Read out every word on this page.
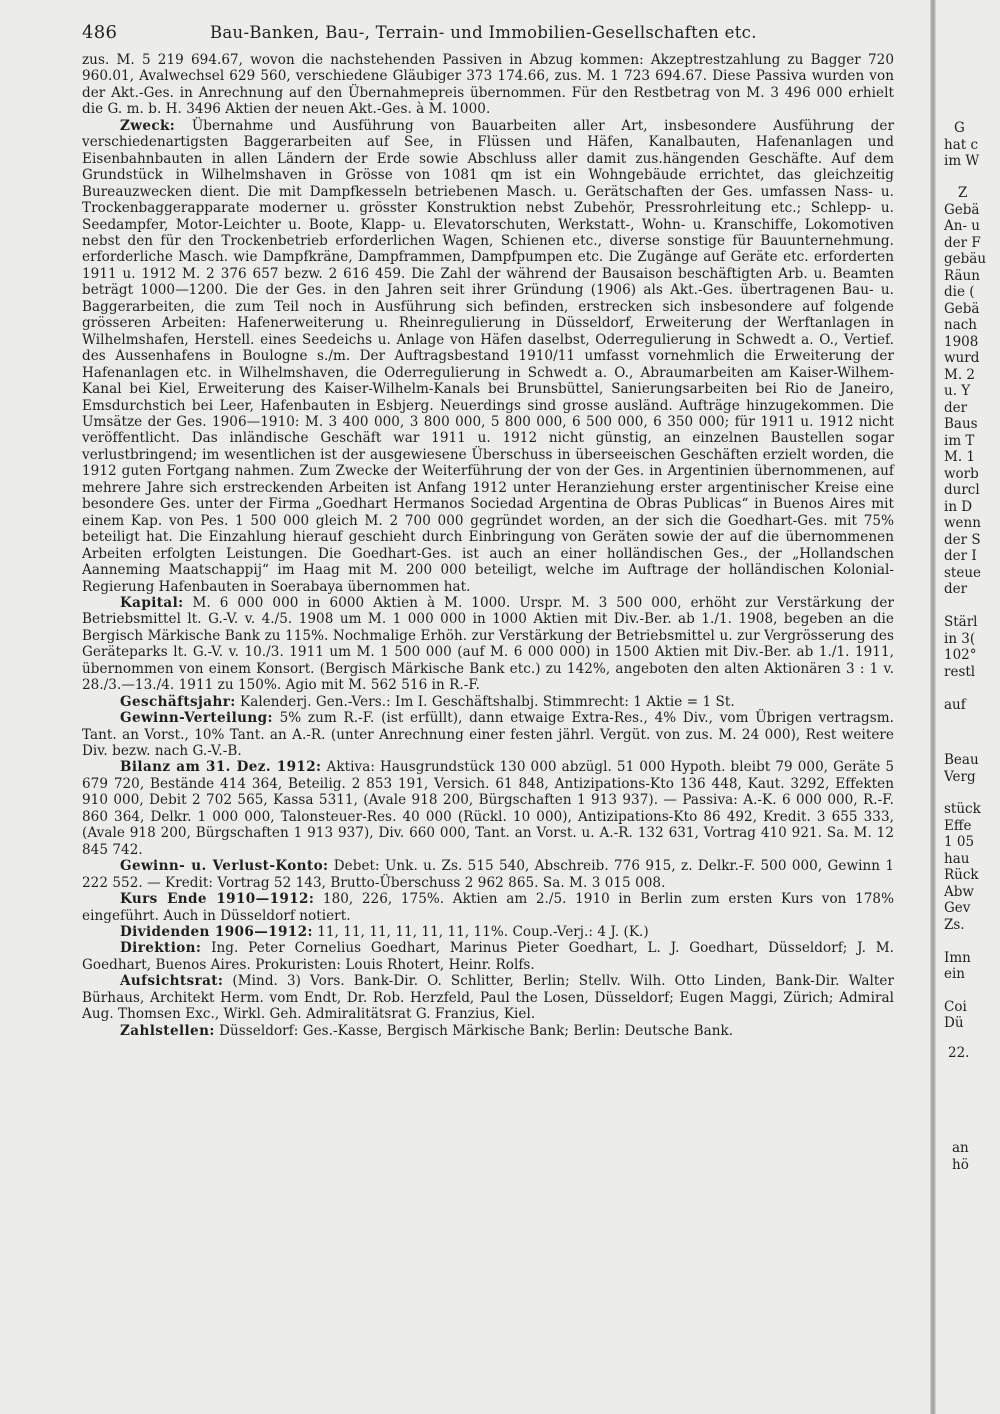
486	Bau-Banken, Bau-, Terrain- und Immobilien-Gesellschaften etc.

zus. M. 5 219 694.67, wovon die nachstehenden Passiven in Abzug kommen: Akzeptrestzahlung zu Bagger 720 960.01, Avalwechsel 629 560, verschiedene Gläubiger 373 174.66, zus. M. 1 723 694.67. Diese Passiva wurden von der Akt.-Ges. in Anrechnung auf den Übernahmepreis übernommen. Für den Restbetrag von M. 3 496 000 erhielt die G. m. b. H. 3496 Aktien der neuen Akt.-Ges. à M. 1000.

Zweck: Übernahme und Ausführung von Bauarbeiten aller Art, insbesondere Ausführung der verschiedenartigsten Baggerarbeiten auf See, in Flüssen und Häfen, Kanalbauten, Hafenanlagen und Eisenbahnbauten in allen Ländern der Erde sowie Abschluss aller damit zus.hängenden Geschäfte. Auf dem Grundstück in Wilhelmshaven in Grösse von 1081 qm ist ein Wohngebäude errichtet, das gleichzeitig Bureauzwecken dient. Die mit Dampfkesseln betriebenen Masch. u. Gerätschaften der Ges. umfassen Nass- u. Trockenbaggerapparate moderner u. grösster Konstruktion nebst Zubehör, Pressrohrleitung etc.; Schlepp- u. Seedampfer, Motor-Leichter u. Boote, Klapp- u. Elevatorschuten, Werkstatt-, Wohn- u. Kranschiffe, Lokomotiven nebst den für den Trockenbetrieb erforderlichen Wagen, Schienen etc., diverse sonstige für Bauunternehmung. erforderliche Masch. wie Dampfkräne, Dampframmen, Dampfpumpen etc. Die Zugänge auf Geräte etc. erforderten 1911 u. 1912 M. 2 376 657 bezw. 2 616 459. Die Zahl der während der Bausaison beschäftigten Arb. u. Beamten beträgt 1000—1200. Die der Ges. in den Jahren seit ihrer Gründung (1906) als Akt.-Ges. übertragenen Bau- u. Baggerarbeiten, die zum Teil noch in Ausführung sich befinden, erstrecken sich insbesondere auf folgende grösseren Arbeiten: Hafenerweiterung u. Rheinregulierung in Düsseldorf, Erweiterung der Werftanlagen in Wilhelmshafen, Herstell. eines Seedeichs u. Anlage von Häfen daselbst, Oderregulierung in Schwedt a. O., Vertief. des Aussenhafens in Boulogne s./m. Der Auftragsbestand 1910/11 umfasst vornehmlich die Erweiterung der Hafenanlagen etc. in Wilhelmshaven, die Oderregulierung in Schwedt a. O., Abraumarbeiten am Kaiser-Wilhem-Kanal bei Kiel, Erweiterung des Kaiser-Wilhelm-Kanals bei Brunsbüttel, Sanierungsarbeiten bei Rio de Janeiro, Emsdurchstich bei Leer, Hafenbauten in Esbjerg. Neuerdings sind grosse ausländ. Aufträge hinzugekommen. Die Umsätze der Ges. 1906—1910: M. 3 400 000, 3 800 000, 5 800 000, 6 500 000, 6 350 000; für 1911 u. 1912 nicht veröffentlicht. Das inländische Geschäft war 1911 u. 1912 nicht günstig, an einzelnen Baustellen sogar verlustbringend; im wesentlichen ist der ausgewiesene Überschuss in überseeischen Geschäften erzielt worden, die 1912 guten Fortgang nahmen. Zum Zwecke der Weiterführung der von der Ges. in Argentinien übernommenen, auf mehrere Jahre sich erstreckenden Arbeiten ist Anfang 1912 unter Heranziehung erster argentinischer Kreise eine besondere Ges. unter der Firma „Goedhart Hermanos Sociedad Argentina de Obras Publicas“ in Buenos Aires mit einem Kap. von Pes. 1 500 000 gleich M. 2 700 000 gegründet worden, an der sich die Goedhart-Ges. mit 75% beteiligt hat. Die Einzahlung hierauf geschieht durch Einbringung von Geräten sowie der auf die übernommenen Arbeiten erfolgten Leistungen. Die Goedhart-Ges. ist auch an einer holländischen Ges., der „Hollandschen Aanneming Maatschappij“ im Haag mit M. 200 000 beteiligt, welche im Auftrage der holländischen Kolonial-Regierung Hafenbauten in Soerabaya übernommen hat.

Kapital: M. 6 000 000 in 6000 Aktien à M. 1000. Urspr. M. 3 500 000, erhöht zur Verstärkung der Betriebsmittel lt. G.-V. v. 4./5. 1908 um M. 1 000 000 in 1000 Aktien mit Div.-Ber. ab 1./1. 1908, begeben an die Bergisch Märkische Bank zu 115%. Nochmalige Erhöh. zur Verstärkung der Betriebsmittel u. zur Vergrösserung des Geräteparks lt. G.-V. v. 10./3. 1911 um M. 1 500 000 (auf M. 6 000 000) in 1500 Aktien mit Div.-Ber. ab 1./1. 1911, übernommen von einem Konsort. (Bergisch Märkische Bank etc.) zu 142%, angeboten den alten Aktionären 3 : 1 v. 28./3.—13./4. 1911 zu 150%. Agio mit M. 562 516 in R.-F.

Geschäftsjahr: Kalenderj. Gen.-Vers.: Im I. Geschäftshalbj. Stimmrecht: 1 Aktie = 1 St.

Gewinn-Verteilung: 5% zum R.-F. (ist erfüllt), dann etwaige Extra-Res., 4% Div., vom Übrigen vertragsm. Tant. an Vorst., 10% Tant. an A.-R. (unter Anrechnung einer festen jährl. Vergüt. von zus. M. 24 000), Rest weitere Div. bezw. nach G.-V.-B.

Bilanz am 31. Dez. 1912: Aktiva: Hausgrundstück 130 000 abzügl. 51 000 Hypoth. bleibt 79 000, Geräte 5 679 720, Bestände 414 364, Beteilig. 2 853 191, Versich. 61 848, Antizipations-Kto 136 448, Kaut. 3292, Effekten 910 000, Debit 2 702 565, Kassa 5311, (Avale 918 200, Bürgschaften 1 913 937). — Passiva: A.-K. 6 000 000, R.-F. 860 364, Delkr. 1 000 000, Talonsteuer-Res. 40 000 (Rückl. 10 000), Antizipations-Kto 86 492, Kredit. 3 655 333, (Avale 918 200, Bürgschaften 1 913 937), Div. 660 000, Tant. an Vorst. u. A.-R. 132 631, Vortrag 410 921. Sa. M. 12 845 742.

Gewinn- u. Verlust-Konto: Debet: Unk. u. Zs. 515 540, Abschreib. 776 915, z. Delkr.-F. 500 000, Gewinn 1 222 552. — Kredit: Vortrag 52 143, Brutto-Überschuss 2 962 865. Sa. M. 3 015 008.

Kurs Ende 1910—1912: 180, 226, 175%. Aktien am 2./5. 1910 in Berlin zum ersten Kurs von 178% eingeführt. Auch in Düsseldorf notiert.

Dividenden 1906—1912: 11, 11, 11, 11, 11, 11, 11%. Coup.-Verj.: 4 J. (K.)

Direktion: Ing. Peter Cornelius Goedhart, Marinus Pieter Goedhart, L. J. Goedhart, Düsseldorf; J. M. Goedhart, Buenos Aires. Prokuristen: Louis Rhotert, Heinr. Rolfs.

Aufsichtsrat: (Mind. 3) Vors. Bank-Dir. O. Schlitter, Berlin; Stellv. Wilh. Otto Linden, Bank-Dir. Walter Bürhaus, Architekt Herm. vom Endt, Dr. Rob. Herzfeld, Paul the Losen, Düsseldorf; Eugen Maggi, Zürich; Admiral Aug. Thomsen Exc., Wirkl. Geh. Admiralitätsrat G. Franzius, Kiel.

Zahlstellen: Düsseldorf: Ges.-Kasse, Bergisch Märkische Bank; Berlin: Deutsche Bank.

G
hat c
im W
Z
Gebä
An- u
der F
gebäu
Räun
die (
Gebä
nach
1908
wurd
M. 2
u. Y
der
Baus
im T
M. 1
worb
durcl
in D
wenn
der S
der I
steue
der
Stärl
in 3(
102°
restl
auf
Beau
Verg
stück
Effe
1 05
hau
Rück
Abw
Gev
Zs.
Imn
ein
Coi
Dü
22.
an
hö
